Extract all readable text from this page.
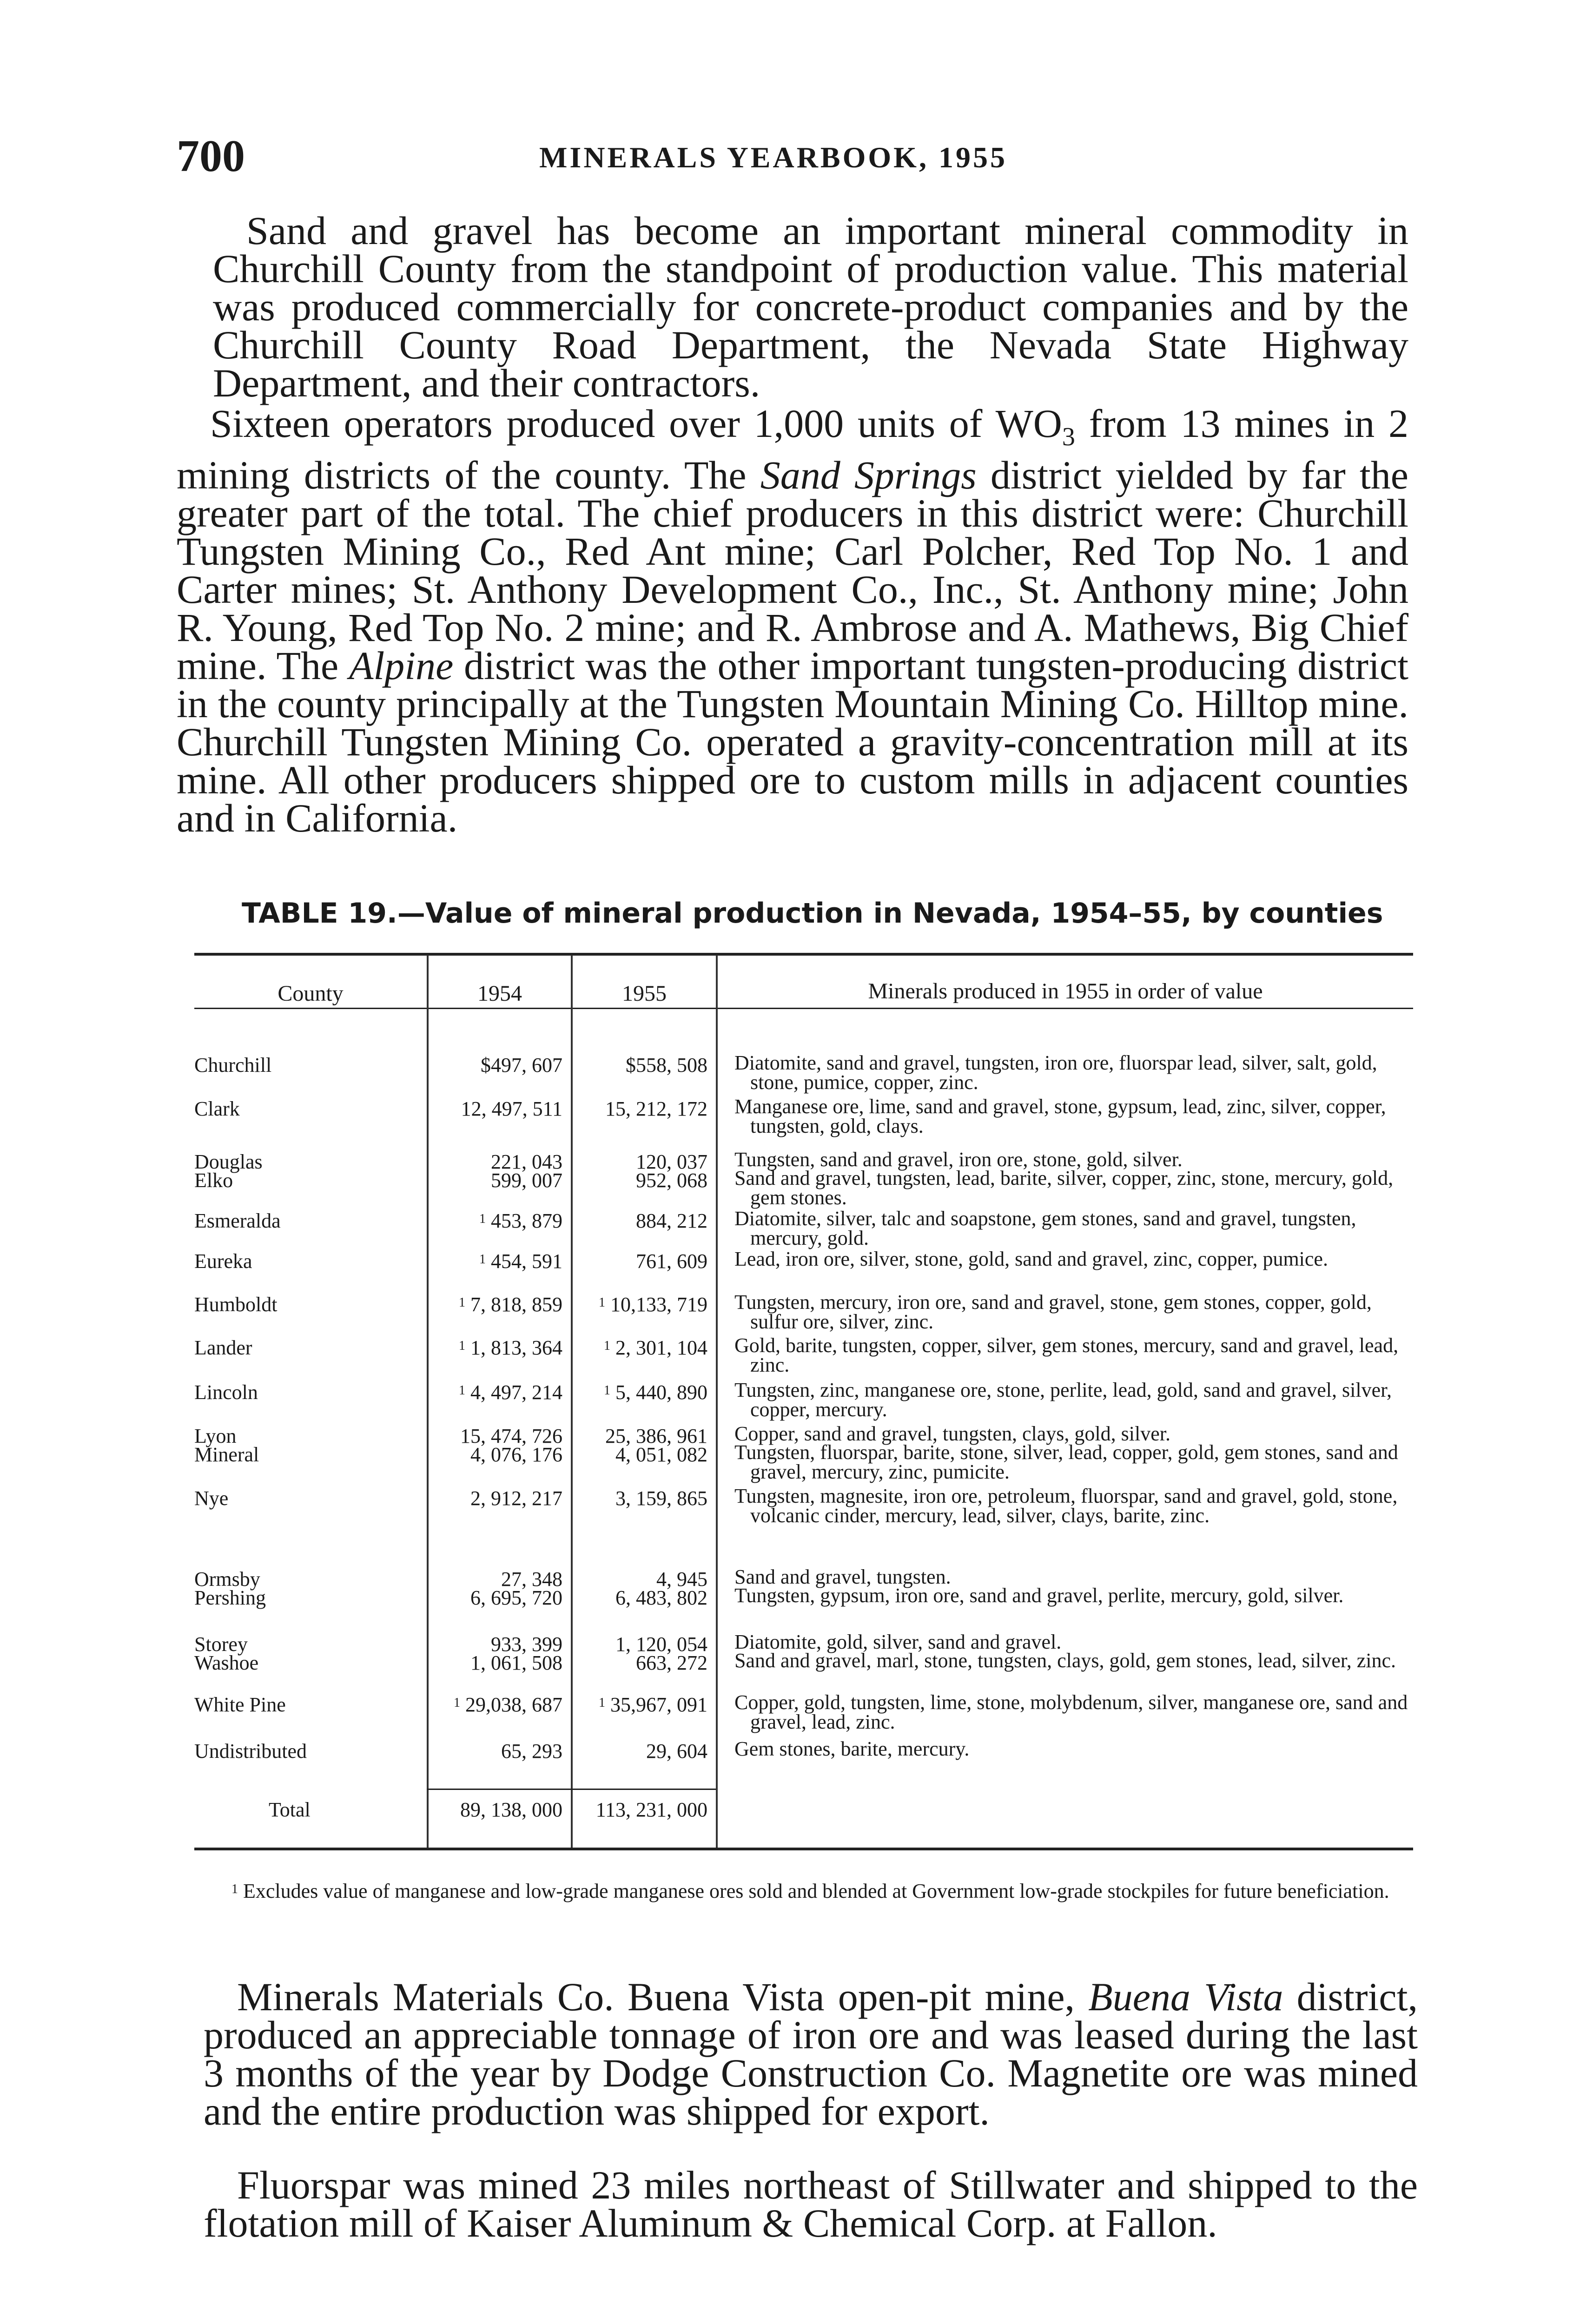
700	MINERALS YEARBOOK, 1955

Sand and gravel has become an important mineral commodity in Churchill County from the standpoint of production value. This material was produced commercially for concrete-product companies and by the Churchill County Road Department, the Nevada State Highway Department, and their contractors.

Sixteen operators produced over 1,000 units of $WO_3$ from 13 mines in 2 mining districts of the county. The Sand Springs district yielded by far the greater part of the total. The chief producers in this district were: Churchill Tungsten Mining Co., Red Ant mine; Carl Polcher, Red Top No. 1 and Carter mines; St. Anthony Development Co., Inc., St. Anthony mine; John R. Young, Red Top No. 2 mine; and R. Ambrose and A. Mathews, Big Chief mine. The Alpine district was the other important tungsten-producing district in the county principally at the Tungsten Mountain Mining Co. Hilltop mine. Churchill Tungsten Mining Co. operated a gravity-concentration mill at its mine. All other producers shipped ore to custom mills in adjacent counties and in California.

TABLE 19.—Value of mineral production in Nevada, 1954–55, by counties
County	1954	1955	Minerals produced in 1955 in order of value
Churchill	$497, 607	$558, 508 Diatomite, sand and gravel, tungsten, iron ore, fluorspar lead, silver, salt, gold, stone, pumice, copper, zinc.
Clark	12, 497, 511	15, 212, 172 Manganese ore, lime, sand and gravel, stone, gypsum, lead, zinc, silver, copper, tungsten, gold, clays.
Douglas	221, 043	120, 037 Tungsten, sand and gravel, iron ore, stone, gold, silver.
Elko	599, 007	952, 068 Sand and gravel, tungsten, lead, barite, silver, copper, zinc, stone, mercury, gold, gem stones.
Esmeralda	$^1$ 453, 879	884, 212 Diatomite, silver, talc and soapstone, gem stones, sand and gravel, tungsten, mercury, gold.
Eureka	$^1$ 454, 591	761, 609 Lead, iron ore, silver, stone, gold, sand and gravel, zinc, copper, pumice.
Humboldt	$^1$ 7, 818, 859	$^1$ 10,133, 719 Tungsten, mercury, iron ore, sand and gravel, stone, gem stones, copper, gold, sulfur ore, silver, zinc.
Lander	$^1$ 1, 813, 364	$^1$ 2, 301, 104 Gold, barite, tungsten, copper, silver, gem stones, mercury, sand and gravel, lead, zinc.
Lincoln	$^1$ 4, 497, 214	$^1$ 5, 440, 890 Tungsten, zinc, manganese ore, stone, perlite, lead, gold, sand and gravel, silver, copper, mercury.
Lyon	15, 474, 726	25, 386, 961 Copper, sand and gravel, tungsten, clays, gold, silver.
Mineral	4, 076, 176	4, 051, 082 Tungsten, fluorspar, barite, stone, silver, lead, copper, gold, gem stones, sand and gravel, mercury, zinc, pumicite.
Nye	2, 912, 217	3, 159, 865 Tungsten, magnesite, iron ore, petroleum, fluorspar, sand and gravel, gold, stone, volcanic cinder, mercury, lead, silver, clays, barite, zinc.
Ormsby	27, 348	4, 945 Sand and gravel, tungsten.
Pershing	6, 695, 720	6, 483, 802 Tungsten, gypsum, iron ore, sand and gravel, perlite, mercury, gold, silver.
Storey	933, 399	1, 120, 054 Diatomite, gold, silver, sand and gravel.
Washoe	1, 061, 508	663, 272 Sand and gravel, marl, stone, tungsten, clays, gold, gem stones, lead, silver, zinc.
White Pine	$^1$ 29,038, 687	$^1$ 35,967, 091 Copper, gold, tungsten, lime, stone, molybdenum, silver, manganese ore, sand and gravel, lead, zinc.
Undistributed	65, 293	29, 604 Gem stones, barite, mercury.
Total	89, 138, 000	113, 231, 000
$^1$ Excludes value of manganese and low-grade manganese ores sold and blended at Government low-grade stockpiles for future beneficiation.

Minerals Materials Co. Buena Vista open-pit mine, Buena Vista district, produced an appreciable tonnage of iron ore and was leased during the last 3 months of the year by Dodge Construction Co. Magnetite ore was mined and the entire production was shipped for export.

Fluorspar was mined 23 miles northeast of Stillwater and shipped to the flotation mill of Kaiser Aluminum & Chemical Corp. at Fallon.
